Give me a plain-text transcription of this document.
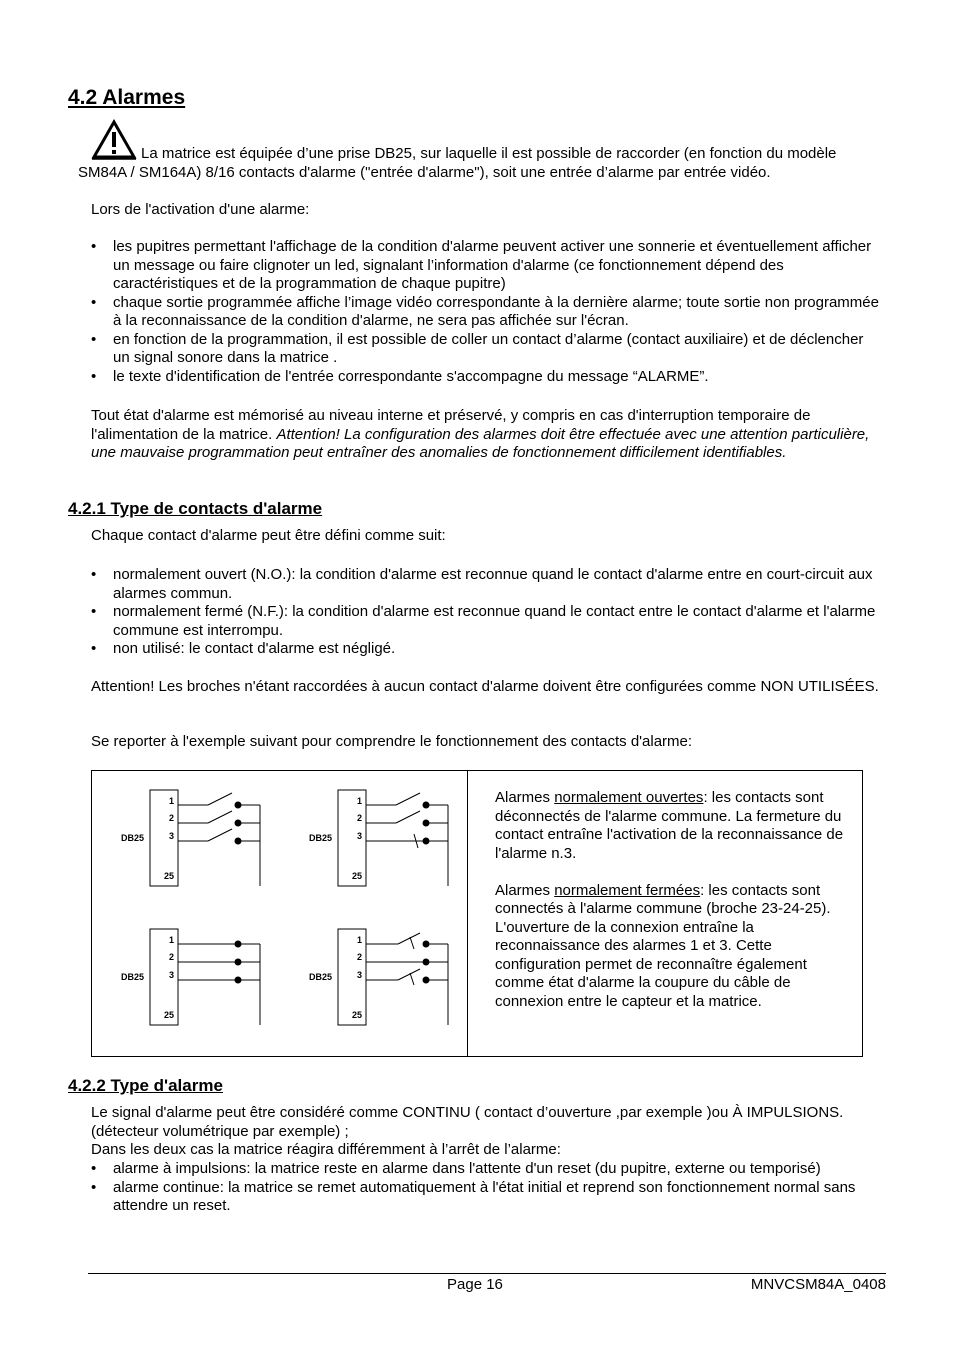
4.2 Alarmes
La matrice est équipée d’une prise DB25, sur laquelle il est possible de raccorder (en fonction du modèle SM84A / SM164A) 8/16 contacts d'alarme ("entrée d'alarme"), soit une entrée d’alarme par entrée vidéo.

Lors de l'activation d'une alarme:

• les pupitres permettant l'affichage de la condition d'alarme peuvent activer une sonnerie et éventuellement afficher un message ou faire clignoter un led, signalant l’information d'alarme (ce fonctionnement dépend des caractéristiques et de la programmation de chaque pupitre)
• chaque sortie programmée affiche l’image vidéo correspondante à la dernière alarme; toute sortie non programmée à la reconnaissance de la condition d'alarme, ne sera pas affichée sur l'écran.
• en fonction de la programmation, il est possible de coller un contact d’alarme (contact auxiliaire) et de déclencher un signal sonore dans la matrice .
• le texte d'identification de l'entrée correspondante s'accompagne du message “ALARME”.

Tout état d'alarme est mémorisé au niveau interne et préservé, y compris en cas d'interruption temporaire de l'alimentation de la matrice. Attention! La configuration des alarmes doit être effectuée avec une attention particulière, une mauvaise programmation peut entraîner des anomalies de fonctionnement difficilement identifiables.

4.2.1 Type de contacts d'alarme

Chaque contact d'alarme peut être défini comme suit:

• normalement ouvert (N.O.): la condition d'alarme est reconnue quand le contact d'alarme entre en court-circuit aux alarmes commun.
• normalement fermé (N.F.): la condition d'alarme est reconnue quand le contact entre le contact d'alarme et l'alarme commune est interrompu.
• non utilisé: le contact d'alarme est négligé.

Attention! Les broches n'étant raccordées à aucun contact d'alarme doivent être configurées comme NON UTILISÉES.

Se reporter à l'exemple suivant pour comprendre le fonctionnement des contacts d'alarme:

DB25
1
2
3
25
DB25
1
2
3
25
DB25
1
2
3
25
DB25
1
2
3
25

Alarmes normalement ouvertes: les contacts sont déconnectés de l'alarme commune. La fermeture du contact entraîne l'activation de la reconnaissance de l'alarme n.3.

Alarmes normalement fermées: les contacts sont connectés à l'alarme commune (broche 23-24-25). L'ouverture de la connexion entraîne la reconnaissance des alarmes 1 et 3. Cette configuration permet de reconnaître également comme état d'alarme la coupure du câble de connexion entre le capteur et la matrice.

4.2.2 Type d'alarme

Le signal d'alarme peut être considéré comme CONTINU ( contact d’ouverture ,par exemple )ou À IMPULSIONS. (détecteur volumétrique par exemple) ;

Dans les deux cas la matrice réagira différemment à l’arrêt de l’alarme:

• alarme à impulsions: la matrice reste en alarme dans l'attente d'un reset (du pupitre, externe ou temporisé)
• alarme continue: la matrice se remet automatiquement à l'état initial et reprend son fonctionnement normal sans attendre un reset.
Page 16	MNVCSM84A_0408
